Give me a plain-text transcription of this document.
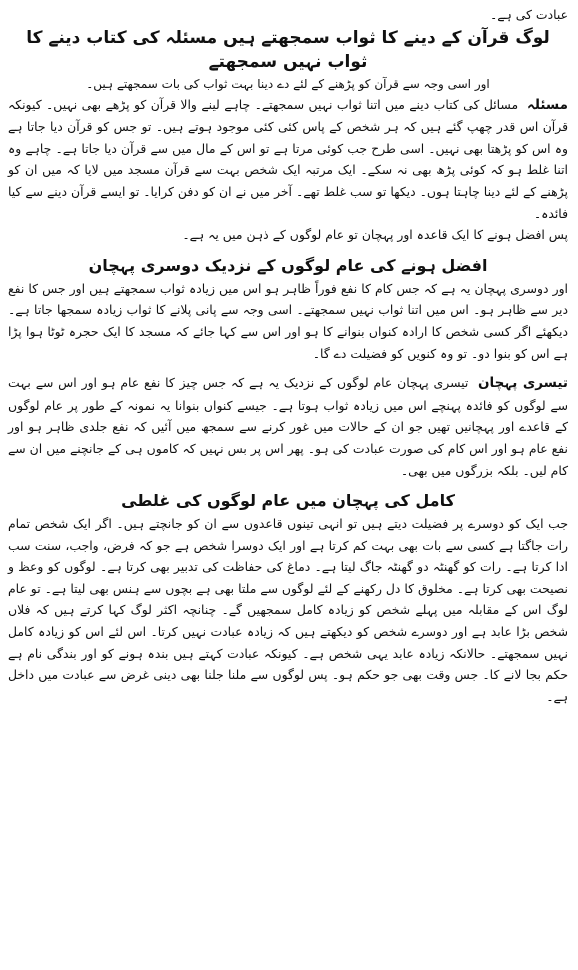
عبادت کی ہے۔

لوگ قرآن کے دینے کا ثواب سمجھتے ہیں مسئلہ کی کتاب دینے کا ثواب نہیں سمجھتے

اور اسی وجہ سے قرآن کو پڑھنے کے لئے دے دینا بہت ثواب کی بات سمجھتے ہیں۔

مسئلہ  مسائل کی کتاب دینے میں اتنا ثواب نہیں سمجھتے۔ چاہے لینے والا قرآن کو پڑھے بھی نہیں۔ کیونکہ قرآن اس قدر چھپ گئے ہیں کہ ہر شخص کے پاس کئی کئی موجود ہوتے ہیں۔ تو جس کو قرآن دیا جاتا ہے وہ اس کو پڑھتا بھی نہیں۔ اسی طرح جب کوئی مرتا ہے تو اس کے مال میں سے قرآن دیا جاتا ہے۔ چاہے وہ اتنا غلط ہو کہ کوئی پڑھ بھی نہ سکے۔ ایک مرتبہ ایک شخص بہت سے قرآن مسجد میں لایا کہ میں ان کو پڑھنے کے لئے دینا چاہتا ہوں۔ دیکھا تو سب غلط تھے۔ آخر میں نے ان کو دفن کرایا۔ تو ایسے قرآن دینے سے کیا فائدہ۔

پس افضل ہونے کا ایک قاعدہ اور پہچان تو عام لوگوں کے ذہن میں یہ ہے۔

افضل ہونے کی عام لوگوں کے نزدیک دوسری پہچان

اور دوسری پہچان یہ ہے کہ جس کام کا نفع فوراً ظاہر ہو اس میں زیادہ ثواب سمجھتے ہیں اور جس کا نفع دیر سے ظاہر ہو۔ اس میں اتنا ثواب نہیں سمجھتے۔ اسی وجہ سے پانی پلانے کا ثواب زیادہ سمجھا جاتا ہے۔ دیکھئے اگر کسی شخص کا ارادہ کنواں بنوانے کا ہو اور اس سے کہا جائے کہ مسجد کا ایک حجرہ ٹوٹا ہوا پڑا ہے اس کو بنوا دو۔ تو وہ کنویں کو فضیلت دے گا۔

تیسری پہچان  تیسری پہچان عام لوگوں کے نزدیک یہ ہے کہ جس چیز کا نفع عام ہو اور اس سے بہت سے لوگوں کو فائدہ پہنچے اس میں زیادہ ثواب ہوتا ہے۔ جیسے کنواں بنوانا یہ نمونہ کے طور پر عام لوگوں کے قاعدے اور پہچانیں تھیں جو ان کے حالات میں غور کرنے سے سمجھ میں آئیں کہ نفع جلدی ظاہر ہو اور نفع عام ہو اور اس کام کی صورت عبادت کی ہو۔ پھر اس پر بس نہیں کہ کاموں ہی کے جانچنے میں ان سے کام لیں۔ بلکہ بزرگوں میں بھی۔

کامل کی پہچان میں عام لوگوں کی غلطی

جب ایک کو دوسرے پر فضیلت دیتے ہیں تو انہی تینوں قاعدوں سے ان کو جانچتے ہیں۔ اگر ایک شخص تمام رات جاگتا ہے کسی سے بات بھی بہت کم کرتا ہے اور ایک دوسرا شخص ہے جو کہ فرض، واجب، سنت سب ادا کرتا ہے۔ رات کو گھنٹہ دو گھنٹہ جاگ لیتا ہے۔ دماغ کی حفاظت کی تدبیر بھی کرتا ہے۔ لوگوں کو وعظ و نصیحت بھی کرتا ہے۔ مخلوق کا دل رکھنے کے لئے لوگوں سے ملتا بھی ہے بچوں سے ہنس بھی لیتا ہے۔ تو عام لوگ اس کے مقابلہ میں پہلے شخص کو زیادہ کامل سمجھیں گے۔ چنانچہ اکثر لوگ کہا کرتے ہیں کہ فلاں شخص بڑا عابد ہے اور دوسرے شخص کو دیکھتے ہیں کہ زیادہ عبادت نہیں کرتا۔ اس لئے اس کو زیادہ کامل نہیں سمجھتے۔ حالانکہ زیادہ عابد یہی شخص ہے۔ کیونکہ عبادت کہتے ہیں بندہ ہونے کو اور بندگی نام ہے حکم بجا لانے کا۔ جس وقت بھی جو حکم ہو۔ پس لوگوں سے ملنا جلنا بھی دینی غرض سے عبادت میں داخل ہے۔
